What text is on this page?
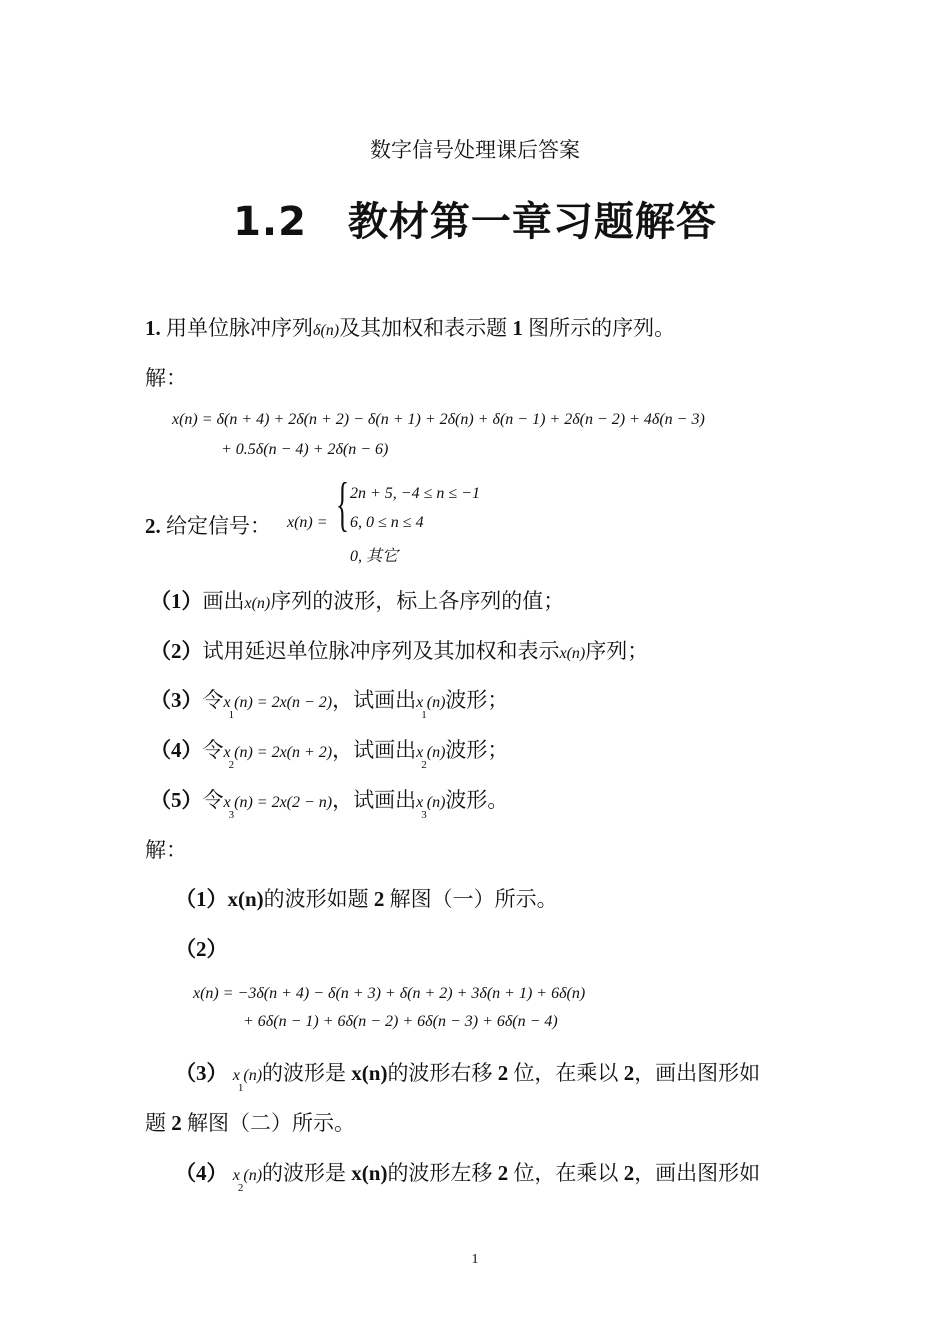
数字信号处理课后答案
1.2　教材第一章习题解答
1. 用单位脉冲序列δ(n)及其加权和表示题 1 图所示的序列。
解：
x(n) = δ(n + 4) + 2δ(n + 2) − δ(n + 1) + 2δ(n) + δ(n − 1) + 2δ(n − 2) + 4δ(n − 3)
+ 0.5δ(n − 4) + 2δ(n − 6)
2. 给定信号： x(n) = { 2n + 5, −4 ≤ n ≤ −1
6, 0 ≤ n ≤ 4
0, 其它
（1）画出x(n)序列的波形，标上各序列的值；
（2）试用延迟单位脉冲序列及其加权和表示x(n)序列；
（3）令$x_1(n) = 2x(n - 2)$，试画出$x_1(n)$波形；
（4）令$x_2(n) = 2x(n + 2)$，试画出$x_2(n)$波形；
（5）令$x_3(n) = 2x(2 - n)$，试画出$x_3(n)$波形。
解：
（1）x(n)的波形如题 2 解图（一）所示。
（2）
x(n) = −3δ(n + 4) − δ(n + 3) + δ(n + 2) + 3δ(n + 1) + 6δ(n)
+ 6δ(n − 1) + 6δ(n − 2) + 6δ(n − 3) + 6δ(n − 4)
（3） $x_1(n)$的波形是 x(n)的波形右移 2 位，在乘以 2，画出图形如
题 2 解图（二）所示。
（4） $x_2(n)$的波形是 x(n)的波形左移 2 位，在乘以 2，画出图形如
1
